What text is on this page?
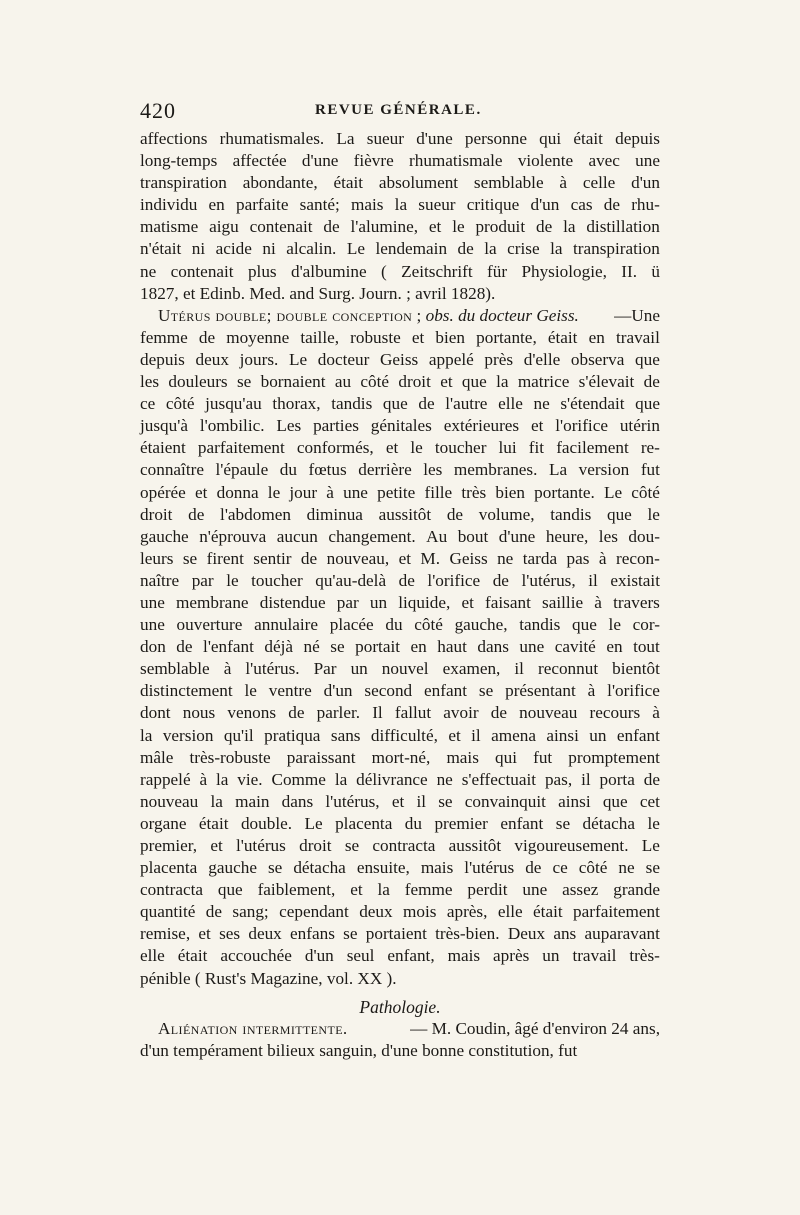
420	REVUE GÉNÉRALE.
affections rhumatismales. La sueur d'une personne qui était depuis
long-temps affectée d'une fièvre rhumatismale violente avec une
transpiration abondante, était absolument semblable à celle d'un
individu en parfaite santé; mais la sueur critique d'un cas de rhu-
matisme aigu contenait de l'alumine, et le produit de la distillation
n'était ni acide ni alcalin. Le lendemain de la crise la transpiration
ne contenait plus d'albumine ( Zeitschrift für Physiologie, II. ü
1827, et Edinb. Med. and Surg. Journ. ; avril 1828).
Utérus double; double conception ; obs. du docteur Geiss. —Une
femme de moyenne taille, robuste et bien portante, était en travail
depuis deux jours. Le docteur Geiss appelé près d'elle observa que
les douleurs se bornaient au côté droit et que la matrice s'élevait de
ce côté jusqu'au thorax, tandis que de l'autre elle ne s'étendait que
jusqu'à l'ombilic. Les parties génitales extérieures et l'orifice utérin
étaient parfaitement conformés, et le toucher lui fit facilement re-
connaître l'épaule du fœtus derrière les membranes. La version fut
opérée et donna le jour à une petite fille très bien portante. Le côté
droit de l'abdomen diminua aussitôt de volume, tandis que le
gauche n'éprouva aucun changement. Au bout d'une heure, les dou-
leurs se firent sentir de nouveau, et M. Geiss ne tarda pas à recon-
naître par le toucher qu'au-delà de l'orifice de l'utérus, il existait
une membrane distendue par un liquide, et faisant saillie à travers
une ouverture annulaire placée du côté gauche, tandis que le cor-
don de l'enfant déjà né se portait en haut dans une cavité en tout
semblable à l'utérus. Par un nouvel examen, il reconnut bientôt
distinctement le ventre d'un second enfant se présentant à l'orifice
dont nous venons de parler. Il fallut avoir de nouveau recours à
la version qu'il pratiqua sans difficulté, et il amena ainsi un enfant
mâle très-robuste paraissant mort-né, mais qui fut promptement
rappelé à la vie. Comme la délivrance ne s'effectuait pas, il porta de
nouveau la main dans l'utérus, et il se convainquit ainsi que cet
organe était double. Le placenta du premier enfant se détacha le
premier, et l'utérus droit se contracta aussitôt vigoureusement. Le
placenta gauche se détacha ensuite, mais l'utérus de ce côté ne se
contracta que faiblement, et la femme perdit une assez grande
quantité de sang; cependant deux mois après, elle était parfaitement
remise, et ses deux enfans se portaient très-bien. Deux ans auparavant
elle était accouchée d'un seul enfant, mais après un travail très-
pénible ( Rust's Magazine, vol. XX ).
Pathologie.
Aliénation intermittente.	— M. Coudin, âgé d'environ 24 ans,
d'un tempérament bilieux sanguin, d'une bonne constitution, fut
